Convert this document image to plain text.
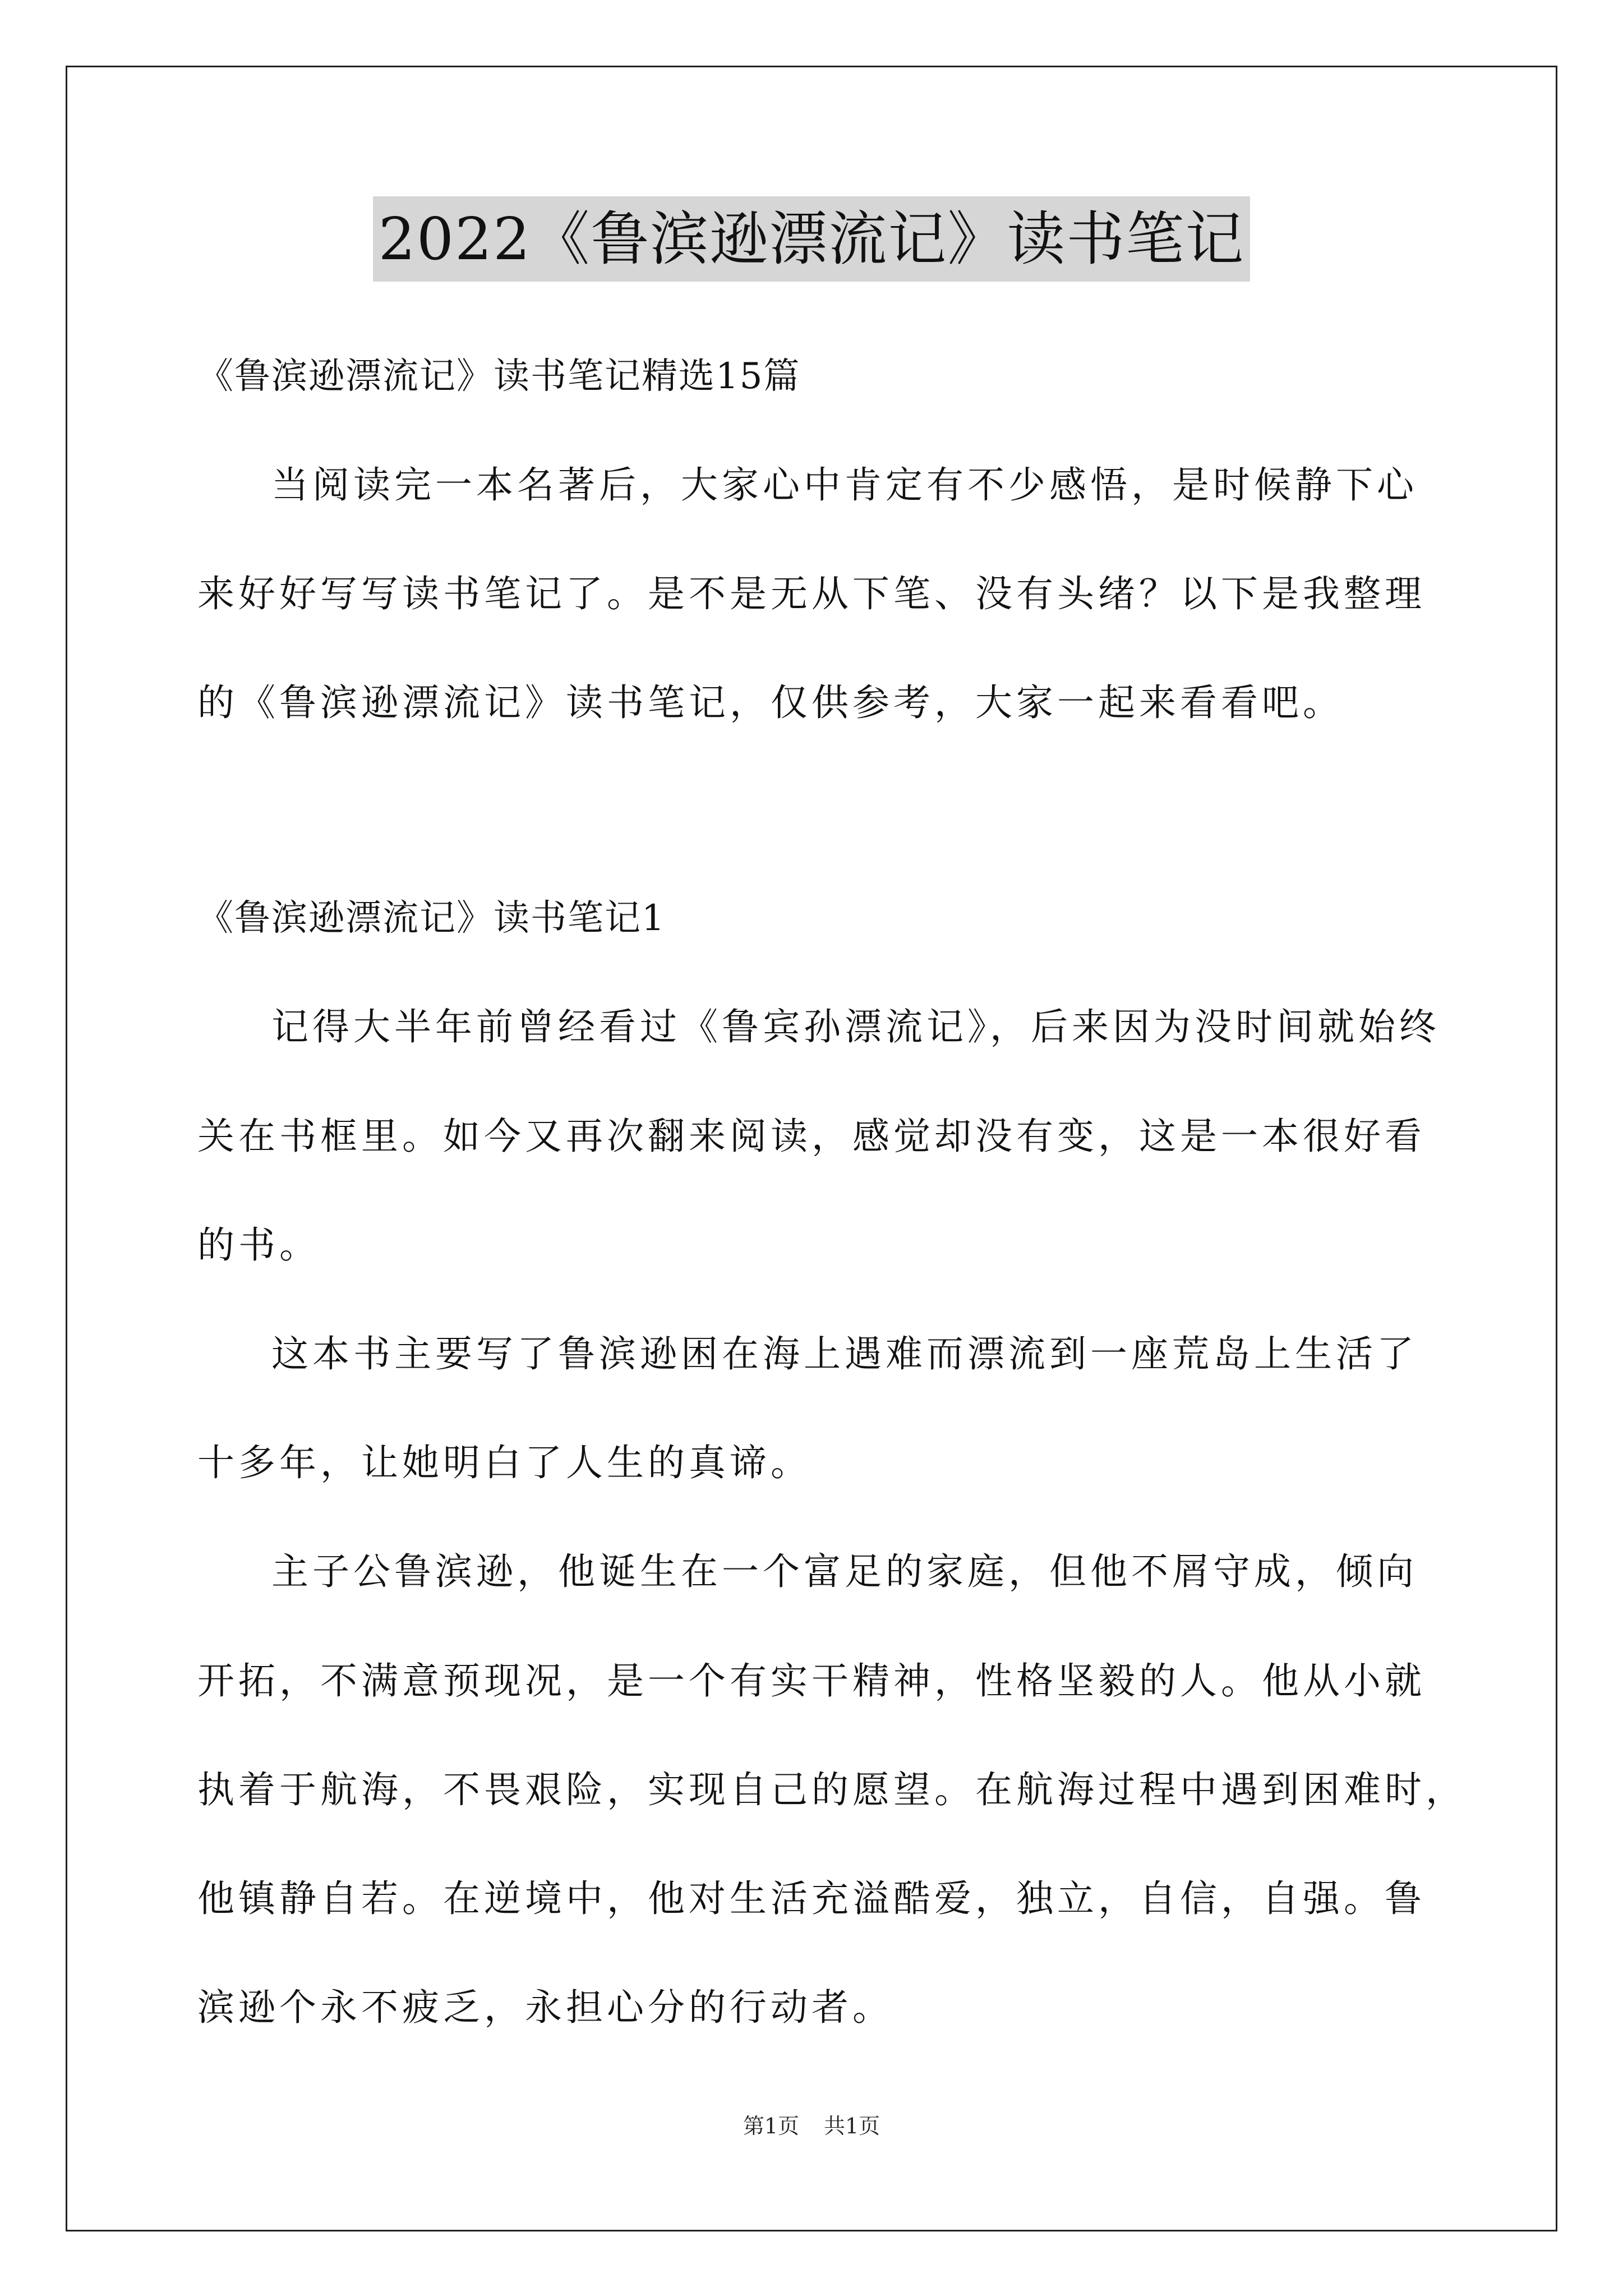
2022《鲁滨逊漂流记》读书笔记
《鲁滨逊漂流记》读书笔记精选15篇
当阅读完一本名著后，大家心中肯定有不少感悟，是时候静下心
来好好写写读书笔记了。是不是无从下笔、没有头绪？以下是我整理
的《鲁滨逊漂流记》读书笔记，仅供参考，大家一起来看看吧。
《鲁滨逊漂流记》读书笔记1
记得大半年前曾经看过《鲁宾孙漂流记》，后来因为没时间就始终
关在书框里。如今又再次翻来阅读，感觉却没有变，这是一本很好看
的书。
这本书主要写了鲁滨逊困在海上遇难而漂流到一座荒岛上生活了
十多年，让她明白了人生的真谛。
主子公鲁滨逊，他诞生在一个富足的家庭，但他不屑守成，倾向
开拓，不满意预现况，是一个有实干精神，性格坚毅的人。他从小就
执着于航海，不畏艰险，实现自己的愿望。在航海过程中遇到困难时，
他镇静自若。在逆境中，他对生活充溢酷爱，独立，自信，自强。鲁
滨逊个永不疲乏，永担心分的行动者。
第1页 共1页
